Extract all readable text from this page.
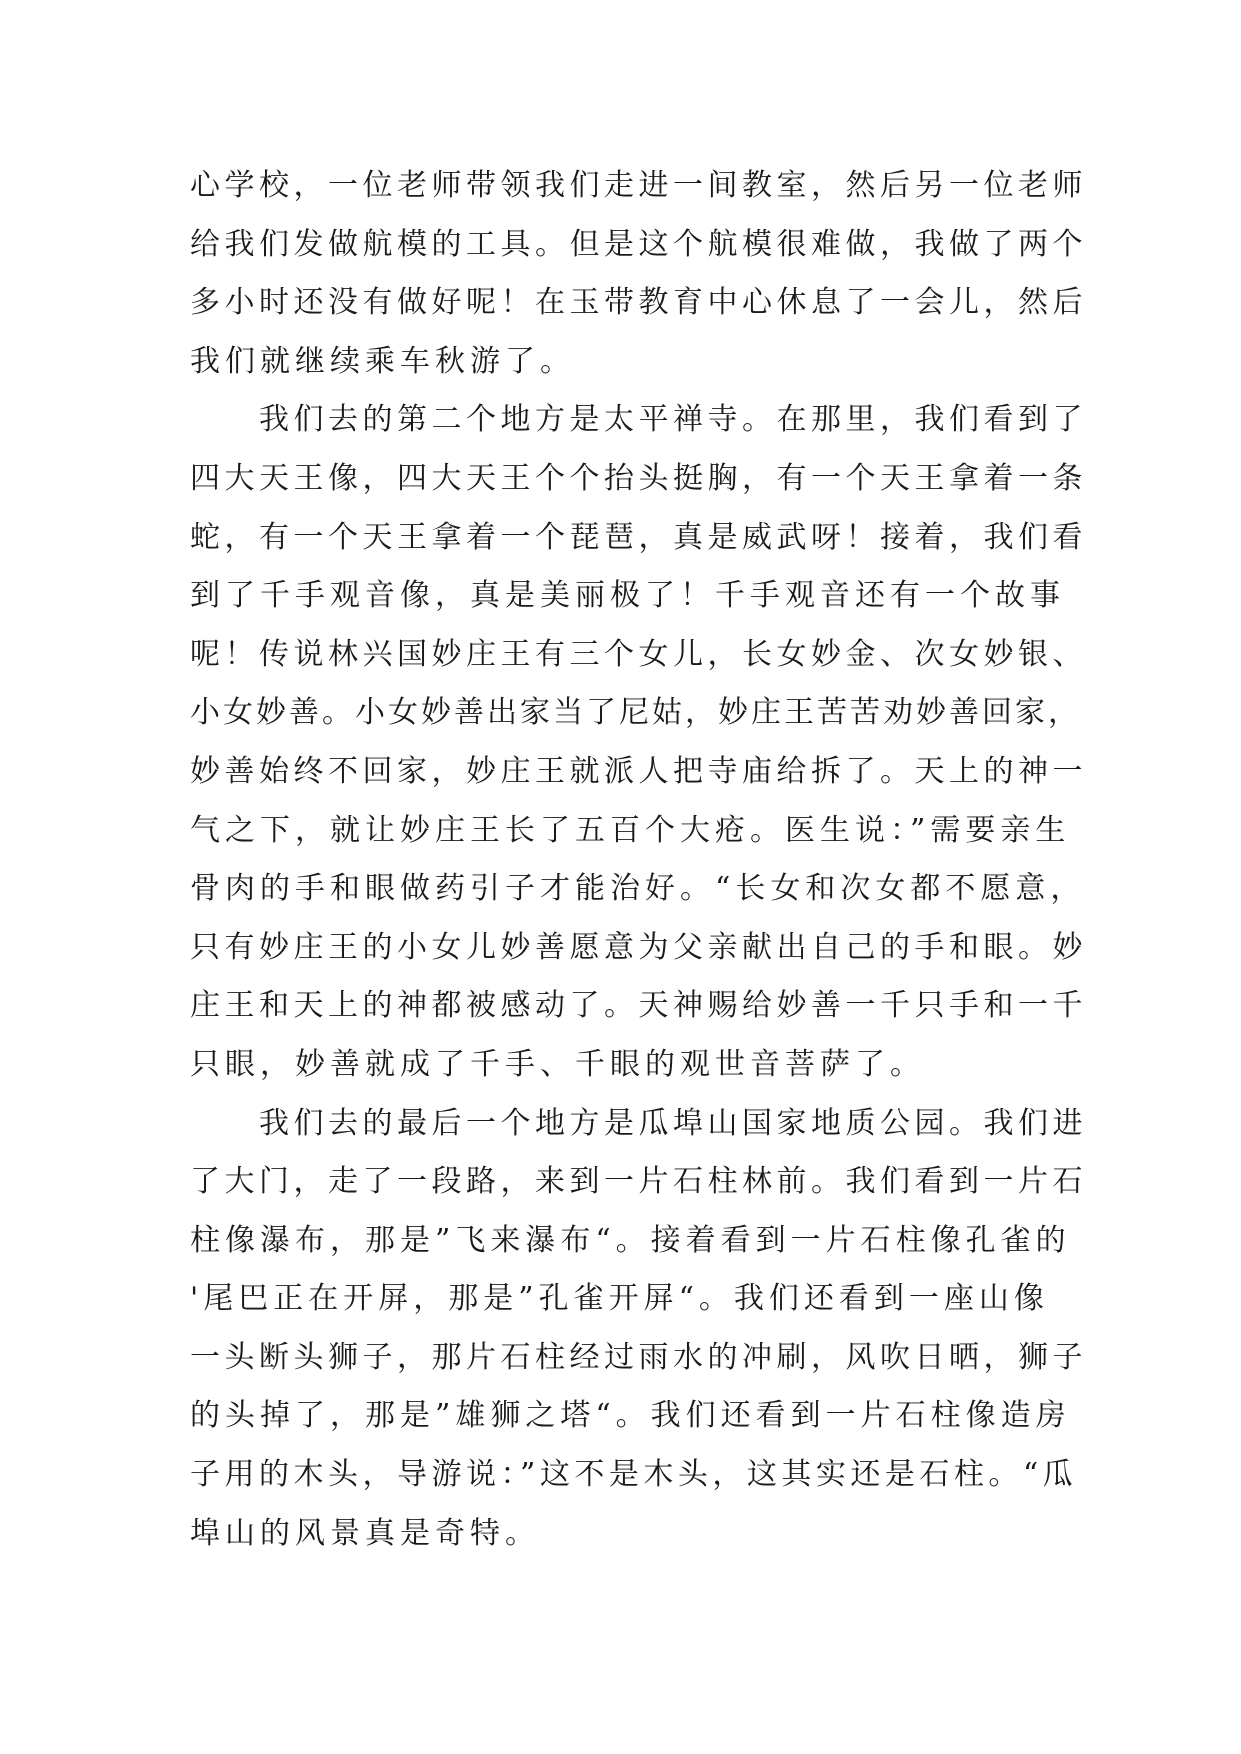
心学校，一位老师带领我们走进一间教室，然后另一位老师
给我们发做航模的工具。但是这个航模很难做，我做了两个
多小时还没有做好呢！在玉带教育中心休息了一会儿，然后
我们就继续乘车秋游了。
　　我们去的第二个地方是太平禅寺。在那里，我们看到了
四大天王像，四大天王个个抬头挺胸，有一个天王拿着一条
蛇，有一个天王拿着一个琵琶，真是威武呀！接着，我们看
到了千手观音像，真是美丽极了！千手观音还有一个故事
呢！传说林兴国妙庄王有三个女儿，长女妙金、次女妙银、
小女妙善。小女妙善出家当了尼姑，妙庄王苦苦劝妙善回家，
妙善始终不回家，妙庄王就派人把寺庙给拆了。天上的神一
气之下，就让妙庄王长了五百个大疮。医生说：”需要亲生
骨肉的手和眼做药引子才能治好。“长女和次女都不愿意，
只有妙庄王的小女儿妙善愿意为父亲献出自己的手和眼。妙
庄王和天上的神都被感动了。天神赐给妙善一千只手和一千
只眼，妙善就成了千手、千眼的观世音菩萨了。
　　我们去的最后一个地方是瓜埠山国家地质公园。我们进
了大门，走了一段路，来到一片石柱林前。我们看到一片石
柱像瀑布，那是”飞来瀑布“。接着看到一片石柱像孔雀的
'尾巴正在开屏，那是”孔雀开屏“。我们还看到一座山像
一头断头狮子，那片石柱经过雨水的冲刷，风吹日晒，狮子
的头掉了，那是”雄狮之塔“。我们还看到一片石柱像造房
子用的木头，导游说：”这不是木头，这其实还是石柱。“瓜
埠山的风景真是奇特。
